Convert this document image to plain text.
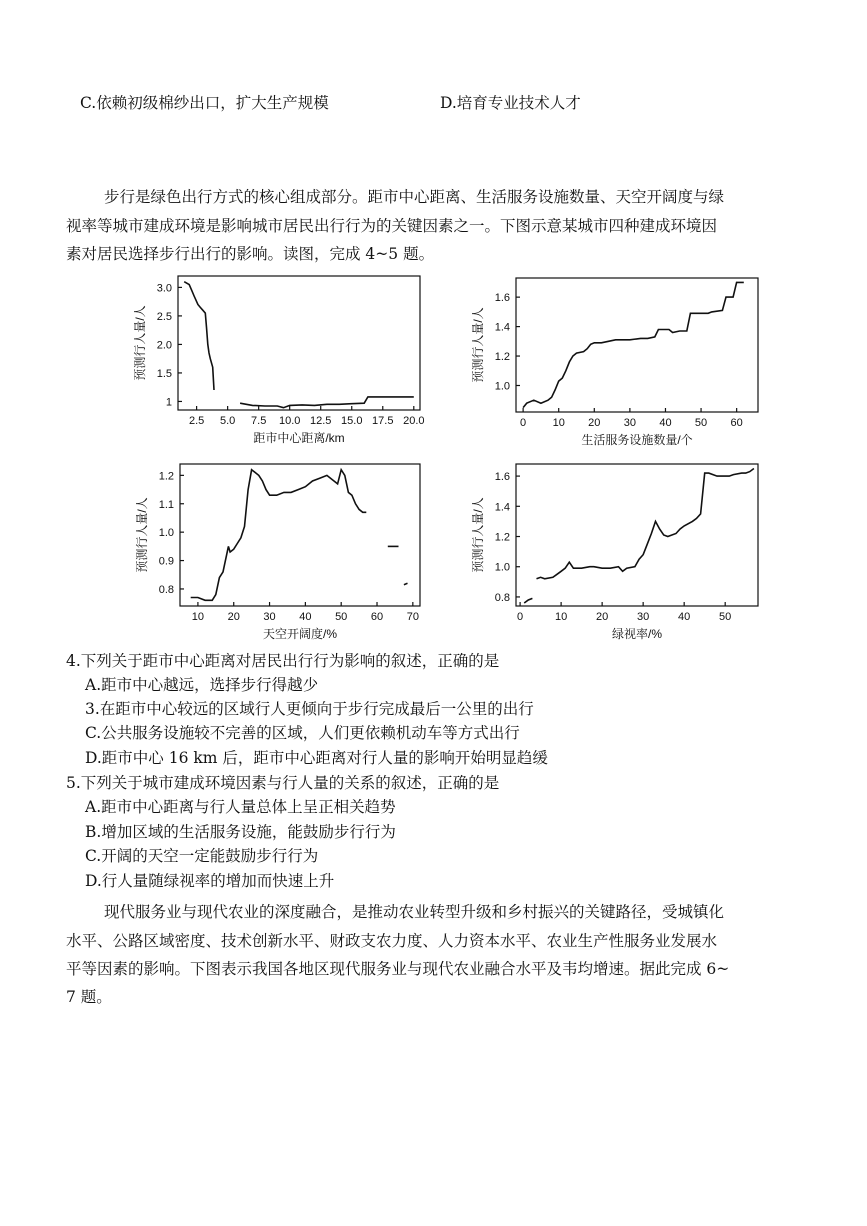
C.依赖初级棉纱出口，扩大生产规模	D.培育专业技术人才
步行是绿色出行方式的核心组成部分。距市中心距离、生活服务设施数量、天空开阔度与绿
视率等城市建成环境是影响城市居民出行行为的关键因素之一。下图示意某城市四种建成环境因
素对居民选择步行出行的影响。读图，完成 4~5 题。
2.5 5.0 7.5 10.0 12.5 15.0 17.5 20.0
3.0
2.5
2.0
1.5
1
距市中心距离/km
预测行人量/人
0 10 20 30 40 50 60
1.6
1.4
1.2
1.0
生活服务设施数量/个
预测行人量/人
10 20 30 40 50 60 70
1.2
1.1
1.0
0.9
0.8
天空开阔度/%
预测行人量/人
0	10	20	30	40	50
1.6
1.4
1.2
1.0
0.8
绿视率/%
预测行人量/人
4.下列关于距市中心距离对居民出行行为影响的叙述，正确的是
A.距市中心越远，选择步行得越少
3.在距市中心较远的区域行人更倾向于步行完成最后一公里的出行
C.公共服务设施较不完善的区域，人们更依赖机动车等方式出行
D.距市中心 16 km 后，距市中心距离对行人量的影响开始明显趋缓
5.下列关于城市建成环境因素与行人量的关系的叙述，正确的是
A.距市中心距离与行人量总体上呈正相关趋势
B.增加区域的生活服务设施，能鼓励步行行为
C.开阔的天空一定能鼓励步行行为
D.行人量随绿视率的增加而快速上升
现代服务业与现代农业的深度融合，是推动农业转型升级和乡村振兴的关键路径，受城镇化
水平、公路区域密度、技术创新水平、财政支农力度、人力资本水平、农业生产性服务业发展水
平等因素的影响。下图表示我国各地区现代服务业与现代农业融合水平及韦均增速。据此完成 6~
7 题。
